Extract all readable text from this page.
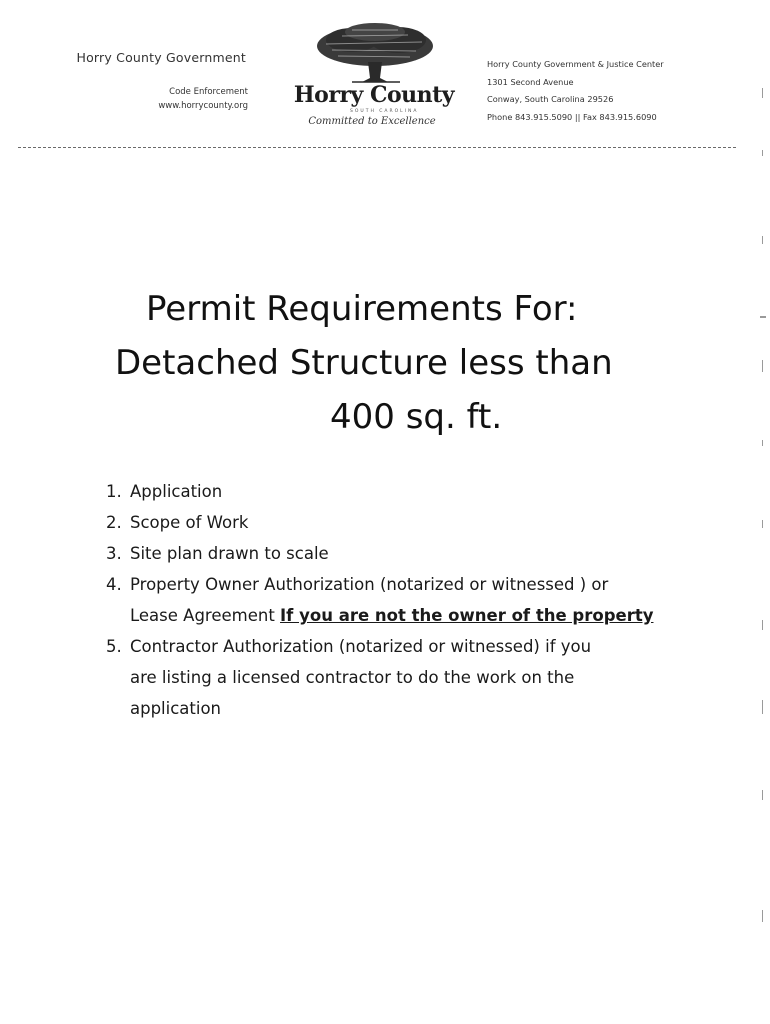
Horry County Government
Code Enforcement
www.horrycounty.org Horry County
SOUTH CAROLINA
Committed to Excellence
Horry County Government & Justice Center
1301 Second Avenue
Conway, South Carolina 29526
Phone 843.915.5090 || Fax 843.915.6090
Permit Requirements For:
Detached Structure less than
400 sq. ft.
1. Application
2. Scope of Work
3. Site plan drawn to scale
4. Property Owner Authorization (notarized or witnessed ) or
Lease Agreement If you are not the owner of the property
5. Contractor Authorization (notarized or witnessed) if you
are listing a licensed contractor to do the work on the
application
